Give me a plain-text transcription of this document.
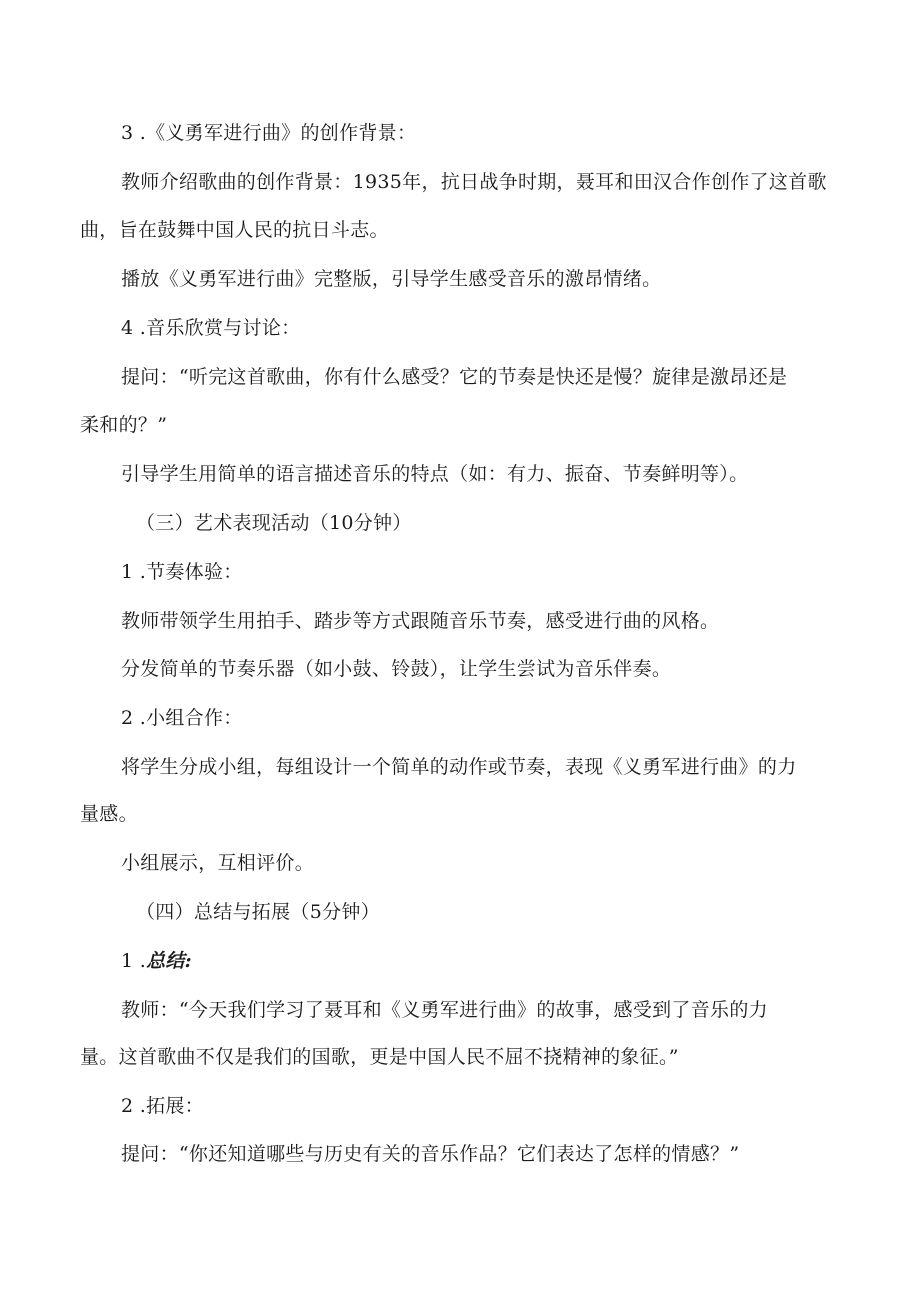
3 .《义勇军进行曲》的创作背景：
教师介绍歌曲的创作背景：1935年，抗日战争时期，聂耳和田汉合作创作了这首歌
曲，旨在鼓舞中国人民的抗日斗志。
播放《义勇军进行曲》完整版，引导学生感受音乐的激昂情绪。
4 .音乐欣赏与讨论：
提问：“听完这首歌曲，你有什么感受？它的节奏是快还是慢？旋律是激昂还是
柔和的？”
引导学生用简单的语言描述音乐的特点（如：有力、振奋、节奏鲜明等）。
（三）艺术表现活动（10分钟）
1 .节奏体验：
教师带领学生用拍手、踏步等方式跟随音乐节奏，感受进行曲的风格。
分发简单的节奏乐器（如小鼓、铃鼓），让学生尝试为音乐伴奏。
2 .小组合作：
将学生分成小组，每组设计一个简单的动作或节奏，表现《义勇军进行曲》的力
量感。
小组展示，互相评价。
（四）总结与拓展（5分钟）
1 .总结:
教师：“今天我们学习了聂耳和《义勇军进行曲》的故事，感受到了音乐的力
量。这首歌曲不仅是我们的国歌，更是中国人民不屈不挠精神的象征。”
2 .拓展：
提问：“你还知道哪些与历史有关的音乐作品？它们表达了怎样的情感？”
